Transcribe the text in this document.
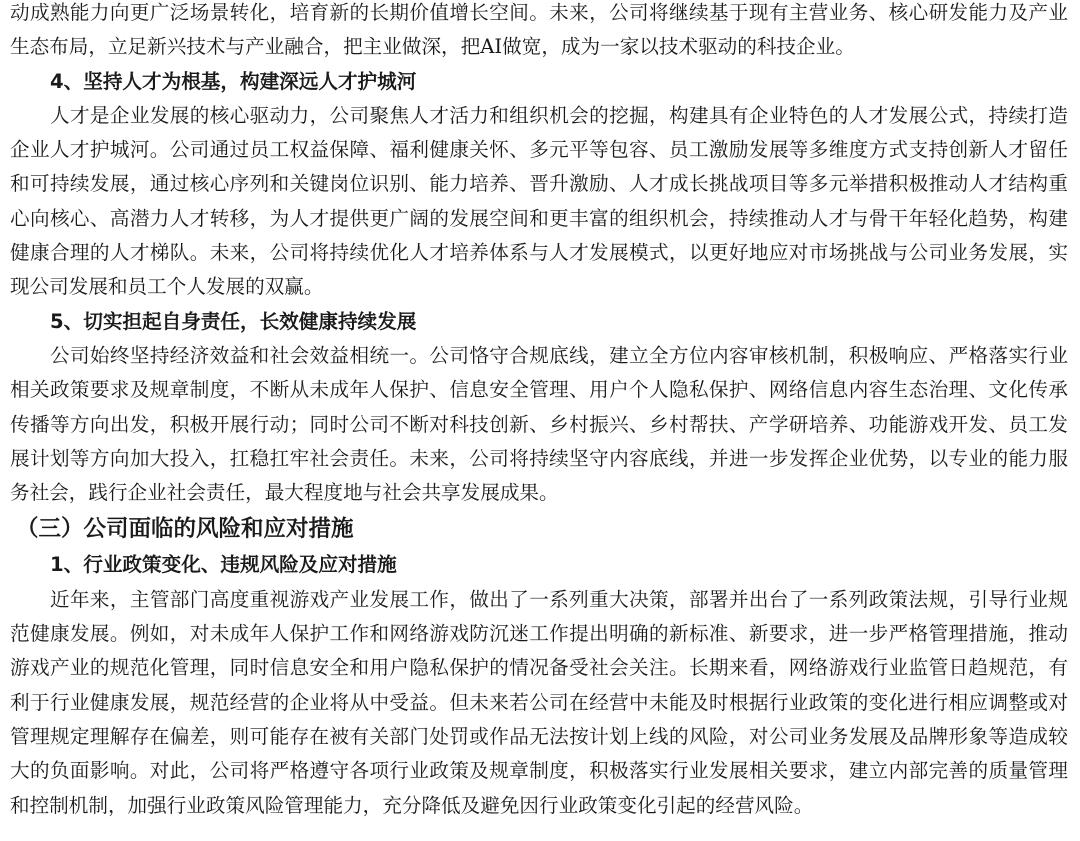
动成熟能力向更广泛场景转化，培育新的长期价值增长空间。未来，公司将继续基于现有主营业务、核心研发能力及产业生态布局，立足新兴技术与产业融合，把主业做深，把AI做宽，成为一家以技术驱动的科技企业。

4、坚持人才为根基，构建深远人才护城河

人才是企业发展的核心驱动力，公司聚焦人才活力和组织机会的挖掘，构建具有企业特色的人才发展公式，持续打造企业人才护城河。公司通过员工权益保障、福利健康关怀、多元平等包容、员工激励发展等多维度方式支持创新人才留任和可持续发展，通过核心序列和关键岗位识别、能力培养、晋升激励、人才成长挑战项目等多元举措积极推动人才结构重心向核心、高潜力人才转移，为人才提供更广阔的发展空间和更丰富的组织机会，持续推动人才与骨干年轻化趋势，构建健康合理的人才梯队。未来，公司将持续优化人才培养体系与人才发展模式，以更好地应对市场挑战与公司业务发展，实现公司发展和员工个人发展的双赢。

5、切实担起自身责任，长效健康持续发展

公司始终坚持经济效益和社会效益相统一。公司恪守合规底线，建立全方位内容审核机制，积极响应、严格落实行业相关政策要求及规章制度，不断从未成年人保护、信息安全管理、用户个人隐私保护、网络信息内容生态治理、文化传承传播等方向出发，积极开展行动；同时公司不断对科技创新、乡村振兴、乡村帮扶、产学研培养、功能游戏开发、员工发展计划等方向加大投入，扛稳扛牢社会责任。未来，公司将持续坚守内容底线，并进一步发挥企业优势，以专业的能力服务社会，践行企业社会责任，最大程度地与社会共享发展成果。

（三）公司面临的风险和应对措施
1、行业政策变化、违规风险及应对措施

近年来，主管部门高度重视游戏产业发展工作，做出了一系列重大决策，部署并出台了一系列政策法规，引导行业规范健康发展。例如，对未成年人保护工作和网络游戏防沉迷工作提出明确的新标准、新要求，进一步严格管理措施，推动游戏产业的规范化管理，同时信息安全和用户隐私保护的情况备受社会关注。长期来看，网络游戏行业监管日趋规范，有利于行业健康发展，规范经营的企业将从中受益。但未来若公司在经营中未能及时根据行业政策的变化进行相应调整或对管理规定理解存在偏差，则可能存在被有关部门处罚或作品无法按计划上线的风险，对公司业务发展及品牌形象等造成较大的负面影响。对此，公司将严格遵守各项行业政策及规章制度，积极落实行业发展相关要求，建立内部完善的质量管理和控制机制，加强行业政策风险管理能力，充分降低及避免因行业政策变化引起的经营风险。
